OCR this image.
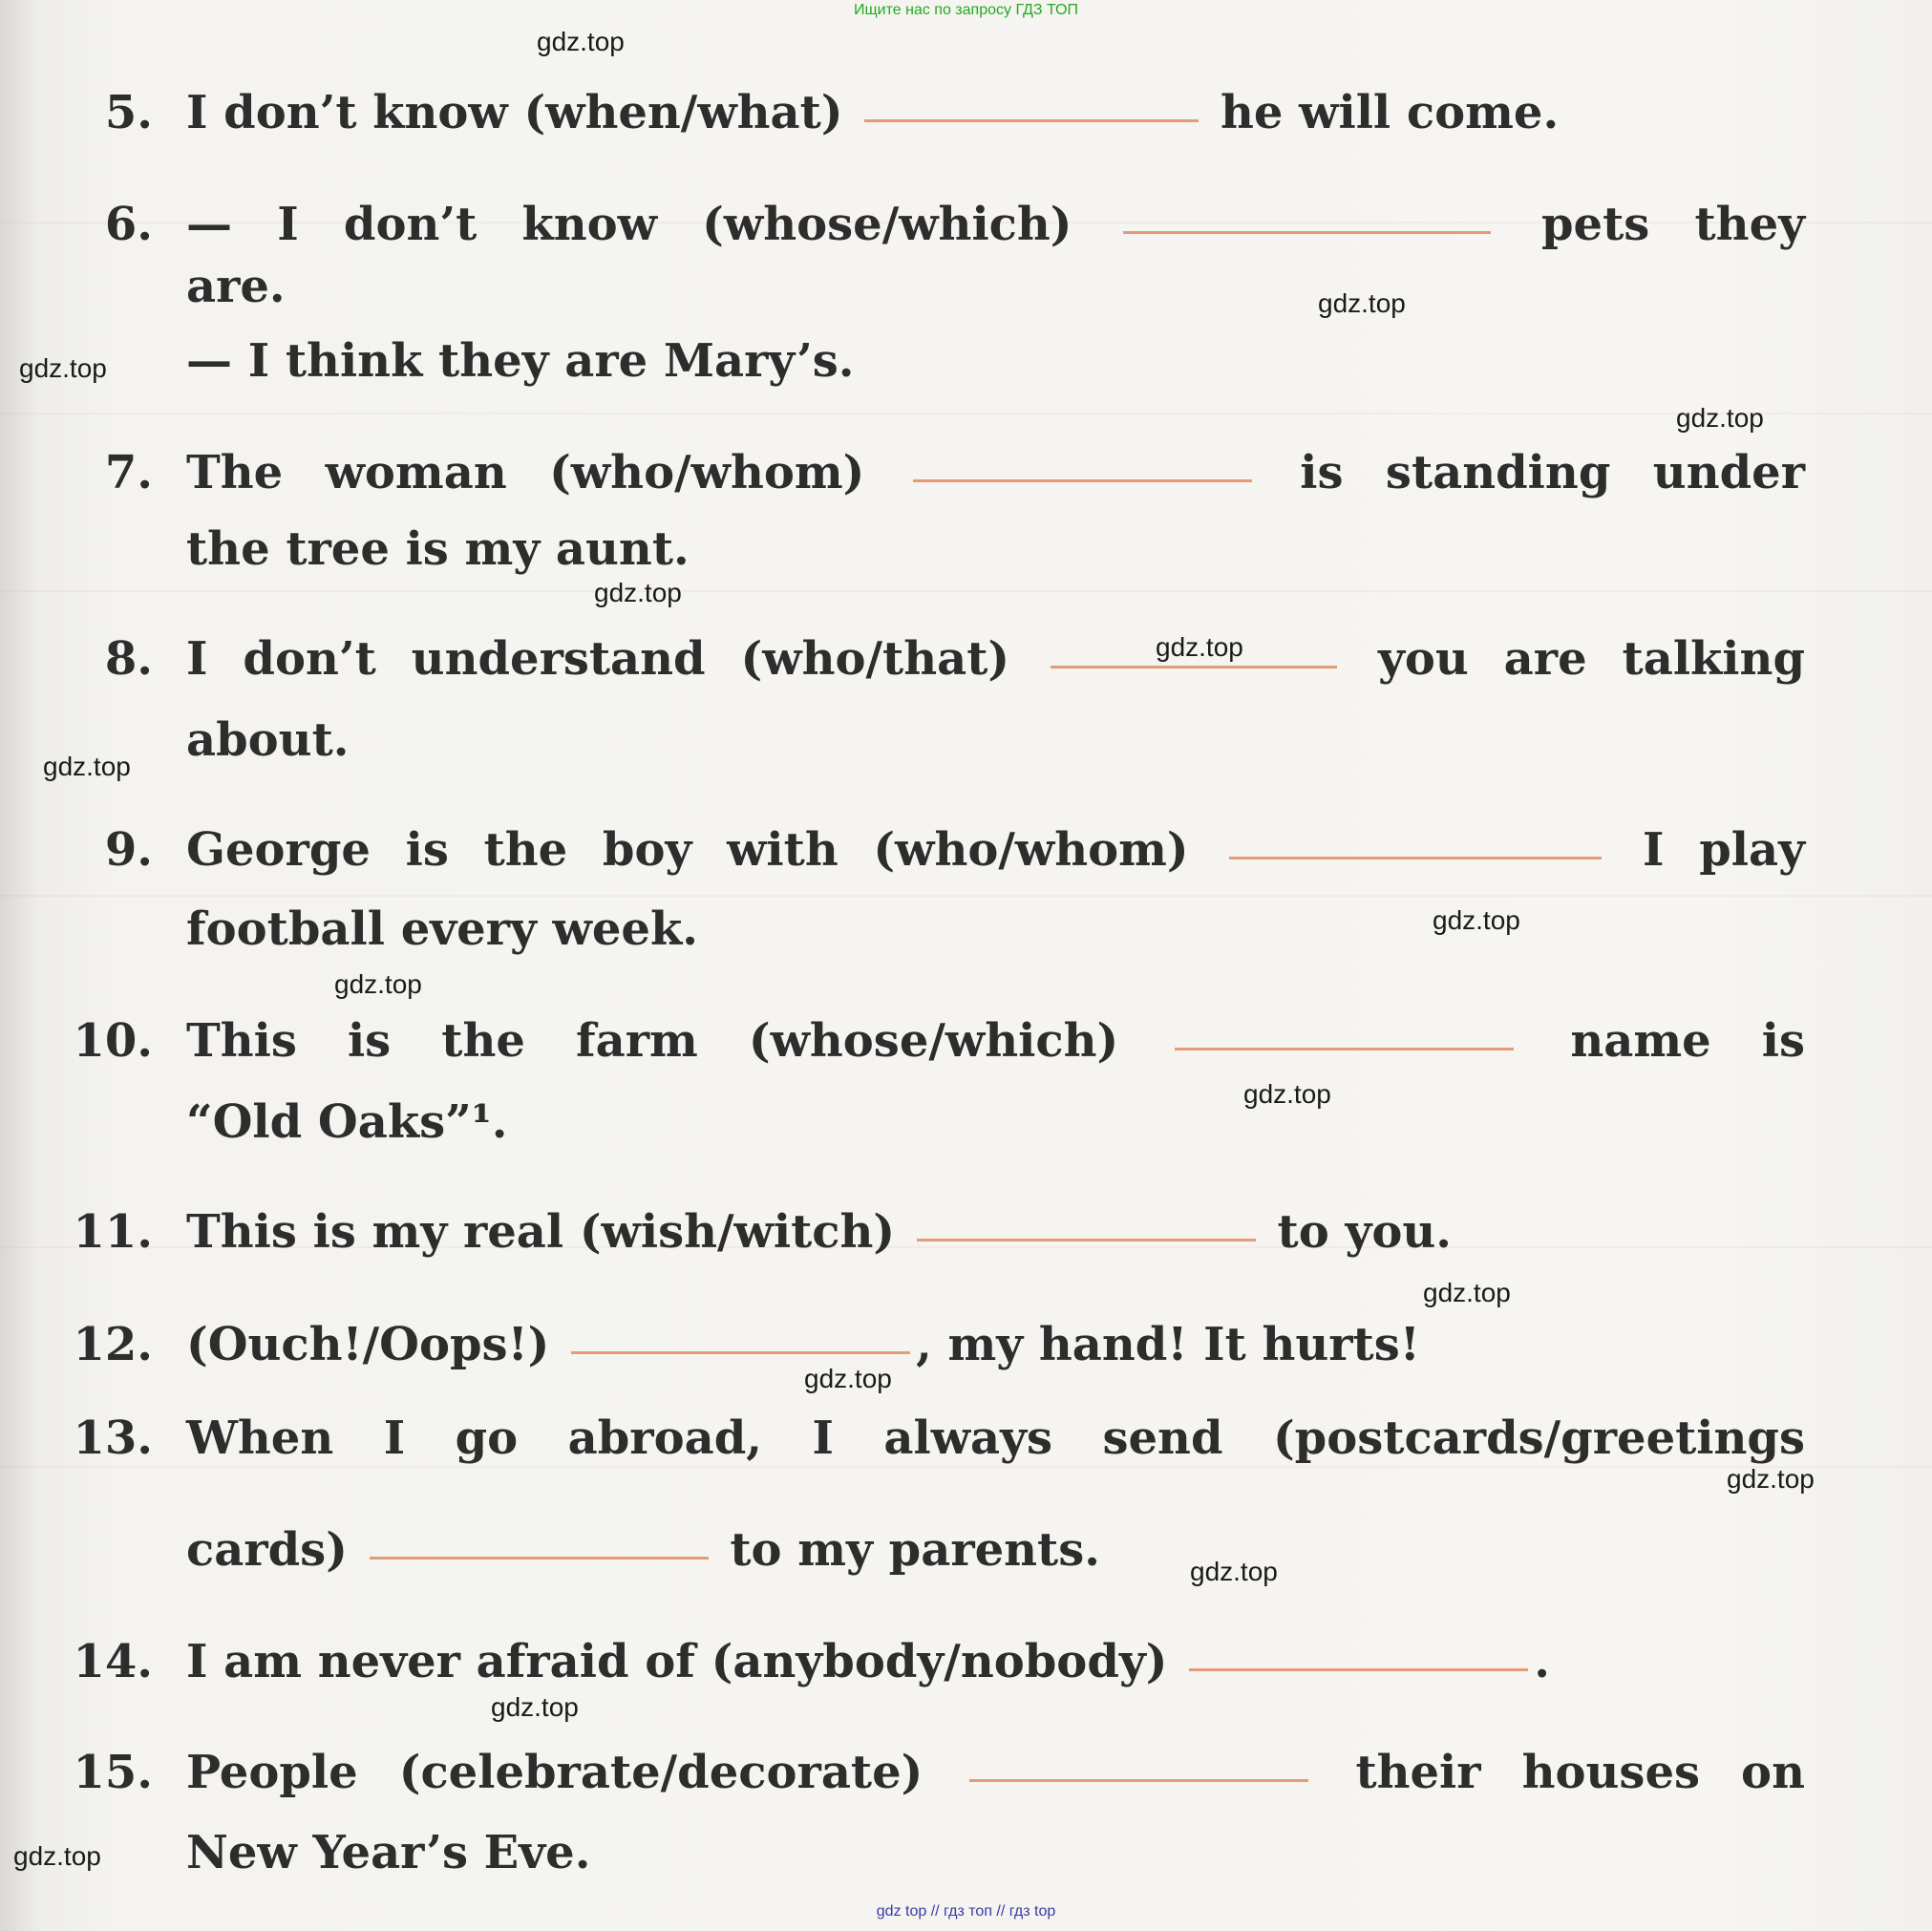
Ищите нас по запросу ГДЗ ТОП
5. I don’t know (when/what)	he will come.
6. — I don’t know (whose/which)	pets they
are.
— I think they are Mary’s.
7. The woman (who/whom)	is standing under
the tree is my aunt.
8. I don’t understand (who/that)	you are talking
about.
9. George is the boy with (who/whom)	I play
football every week.
10. This is the farm (whose/which)	name is
“Old Oaks”¹.
11. This is my real (wish/witch)	to you.
12. (Ouch!/Oops!)	, my hand! It hurts!
13. When I go abroad, I always send (postcards/greetings
cards)	to my parents.
14. I am never afraid of (anybody/nobody)	.
15. People (celebrate/decorate)	their houses on
New Year’s Eve.
gdz.top
gdz.top
gdz.top
gdz.top
gdz.top
gdz.top
gdz.top
gdz.top
gdz.top
gdz.top
gdz.top
gdz.top
gdz.top
gdz.top
gdz.top
gdz.top
gdz top // гдз топ // гдз top
